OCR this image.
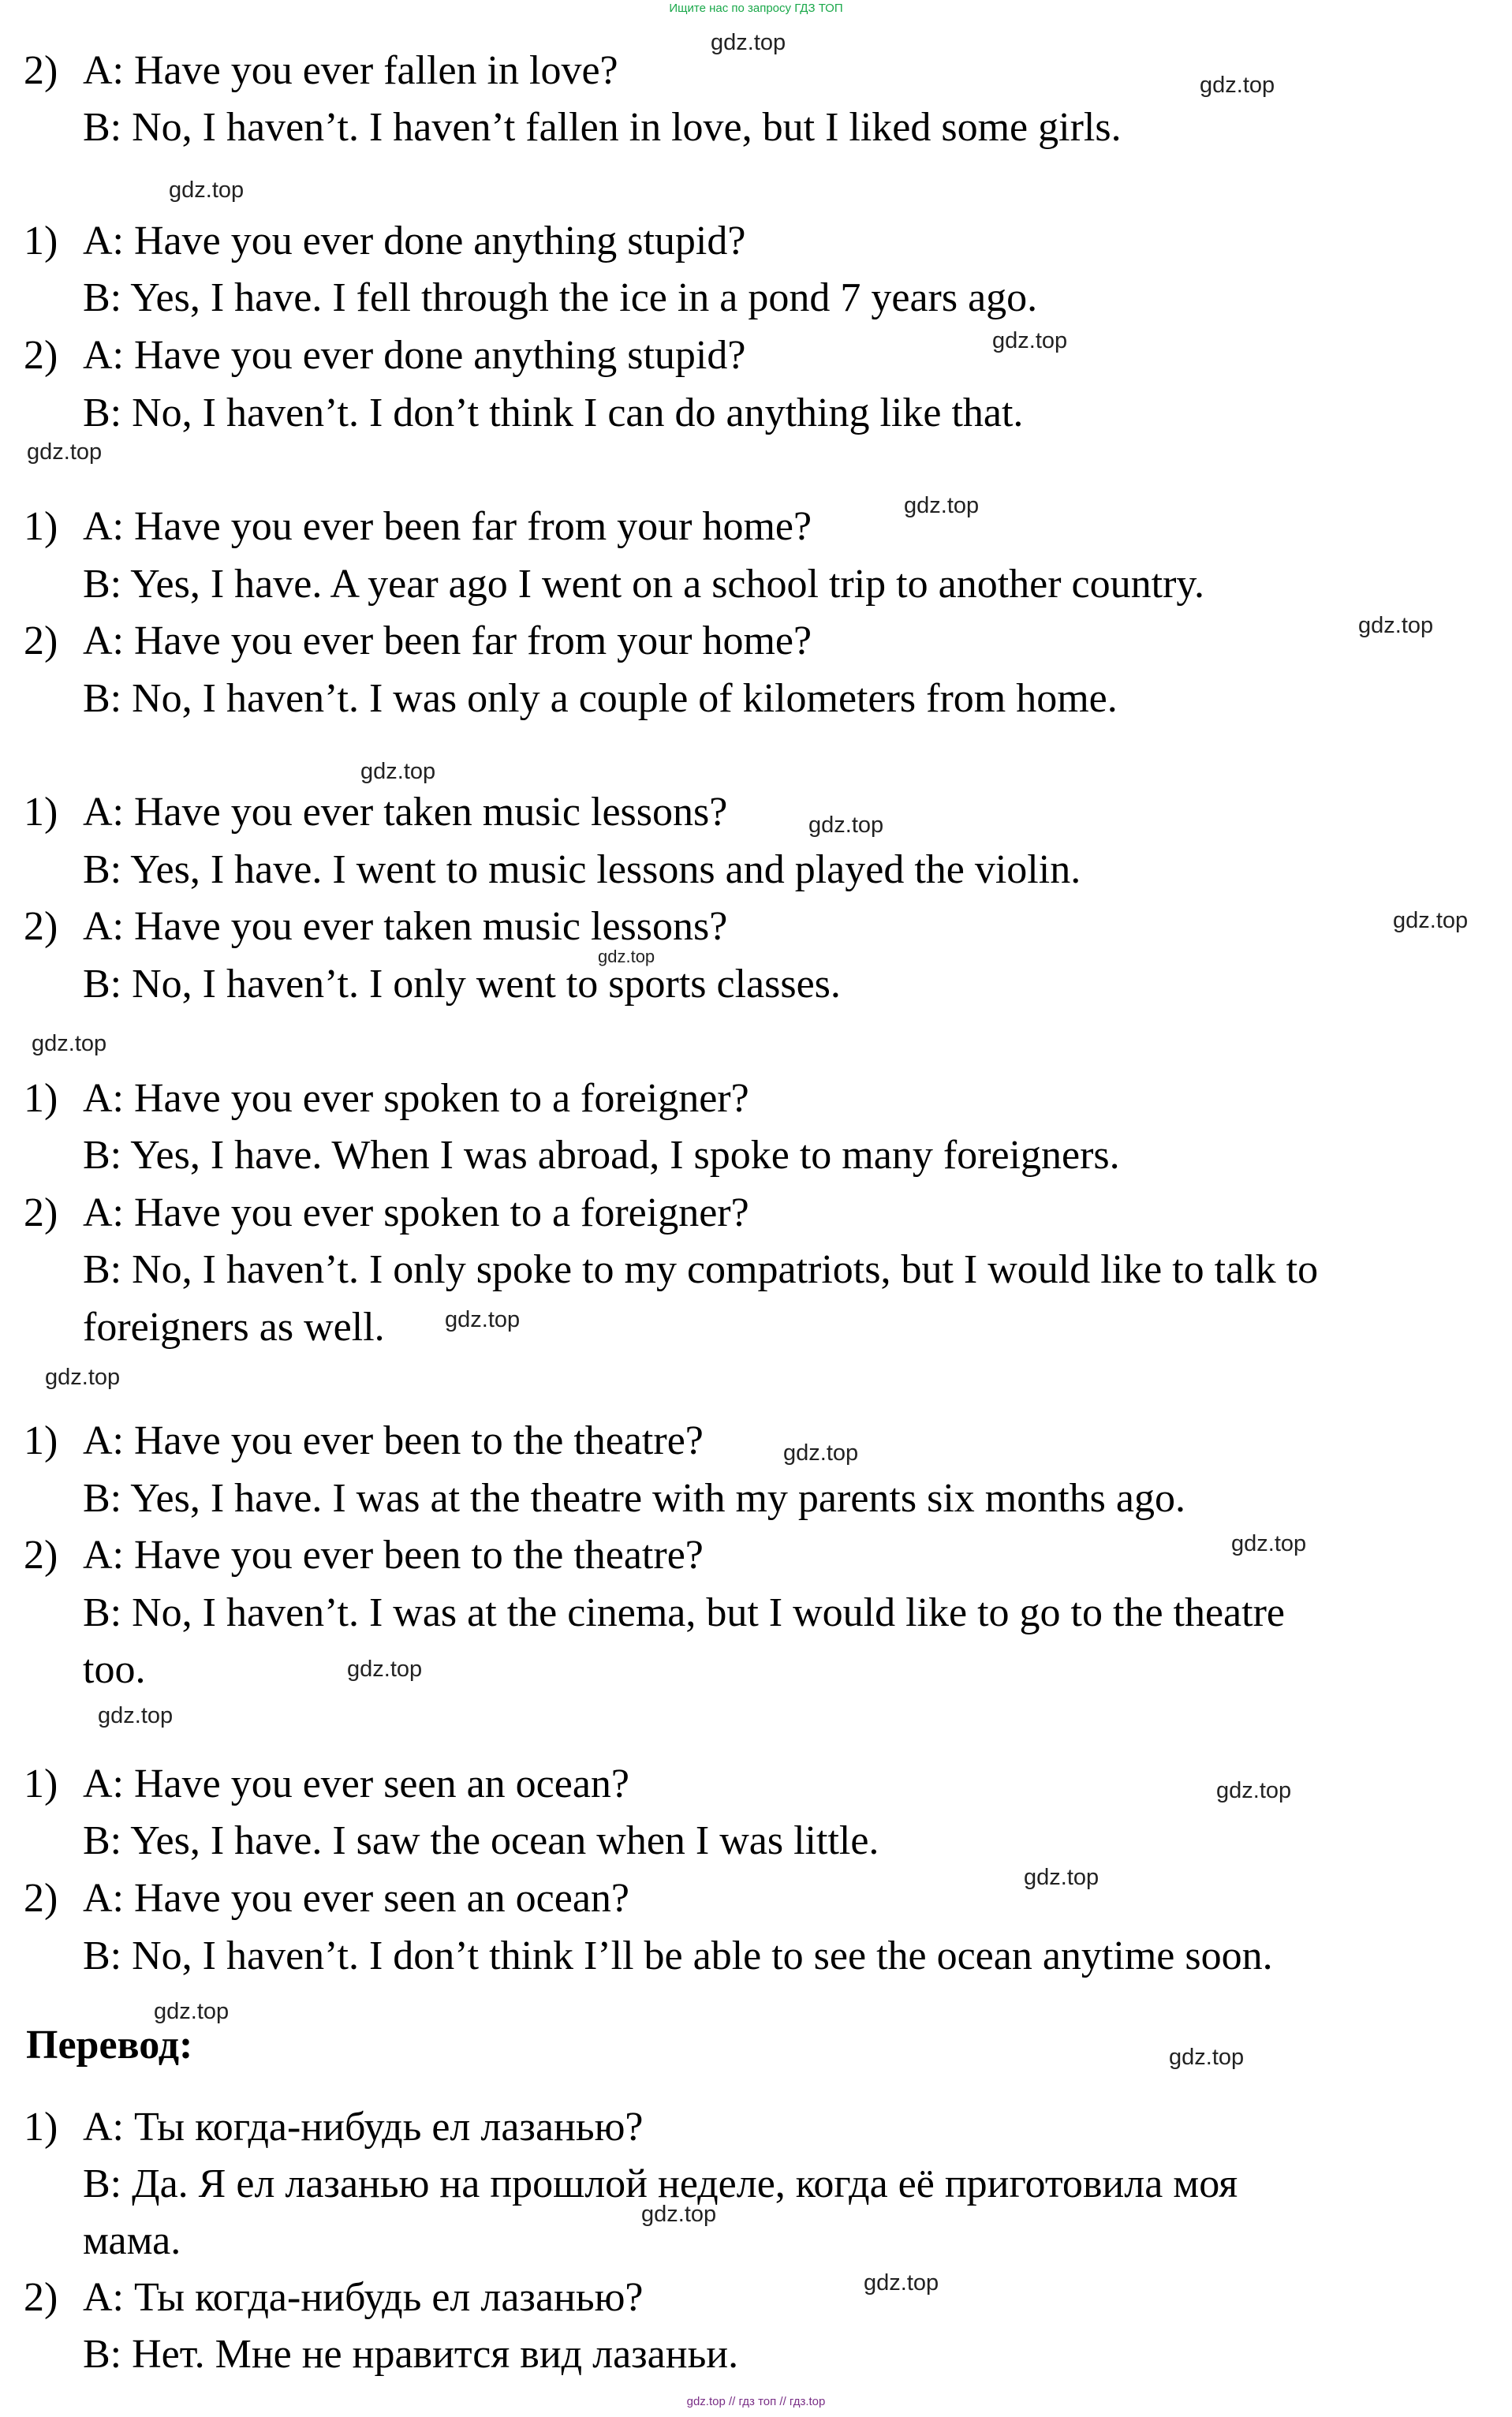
Ищите нас по запросу ГДЗ ТОП
2) A: Have you ever fallen in love?
B: No, I haven’t. I haven’t fallen in love, but I liked some girls.
1) A: Have you ever done anything stupid?
B: Yes, I have. I fell through the ice in a pond 7 years ago.
2) A: Have you ever done anything stupid?
B: No, I haven’t. I don’t think I can do anything like that.
1) A: Have you ever been far from your home?
B: Yes, I have. A year ago I went on a school trip to another country.
2) A: Have you ever been far from your home?
B: No, I haven’t. I was only a couple of kilometers from home.
1) A: Have you ever taken music lessons?
B: Yes, I have. I went to music lessons and played the violin.
2) A: Have you ever taken music lessons?
B: No, I haven’t. I only went to sports classes.
1) A: Have you ever spoken to a foreigner?
B: Yes, I have. When I was abroad, I spoke to many foreigners.
2) A: Have you ever spoken to a foreigner?
B: No, I haven’t. I only spoke to my compatriots, but I would like to talk to
foreigners as well.
1) A: Have you ever been to the theatre?
B: Yes, I have. I was at the theatre with my parents six months ago.
2) A: Have you ever been to the theatre?
B: No, I haven’t. I was at the cinema, but I would like to go to the theatre
too.
1) A: Have you ever seen an ocean?
B: Yes, I have. I saw the ocean when I was little.
2) A: Have you ever seen an ocean?
B: No, I haven’t. I don’t think I’ll be able to see the ocean anytime soon.
Перевод:
1) A: Ты когда-нибудь ел лазанью?
B: Да. Я ел лазанью на прошлой неделе, когда её приготовила моя
мама.
2) A: Ты когда-нибудь ел лазанью?
B: Нет. Мне не нравится вид лазаньи.
gdz.top
gdz.top
gdz.top
gdz.top
gdz.top
gdz.top
gdz.top
gdz.top
gdz.top
gdz.top
gdz.top
gdz.top
gdz.top
gdz.top
gdz.top
gdz.top
gdz.top
gdz.top
gdz.top
gdz.top
gdz.top
gdz.top
gdz.top
gdz.top
gdz.top // гдз топ // гдз.top
